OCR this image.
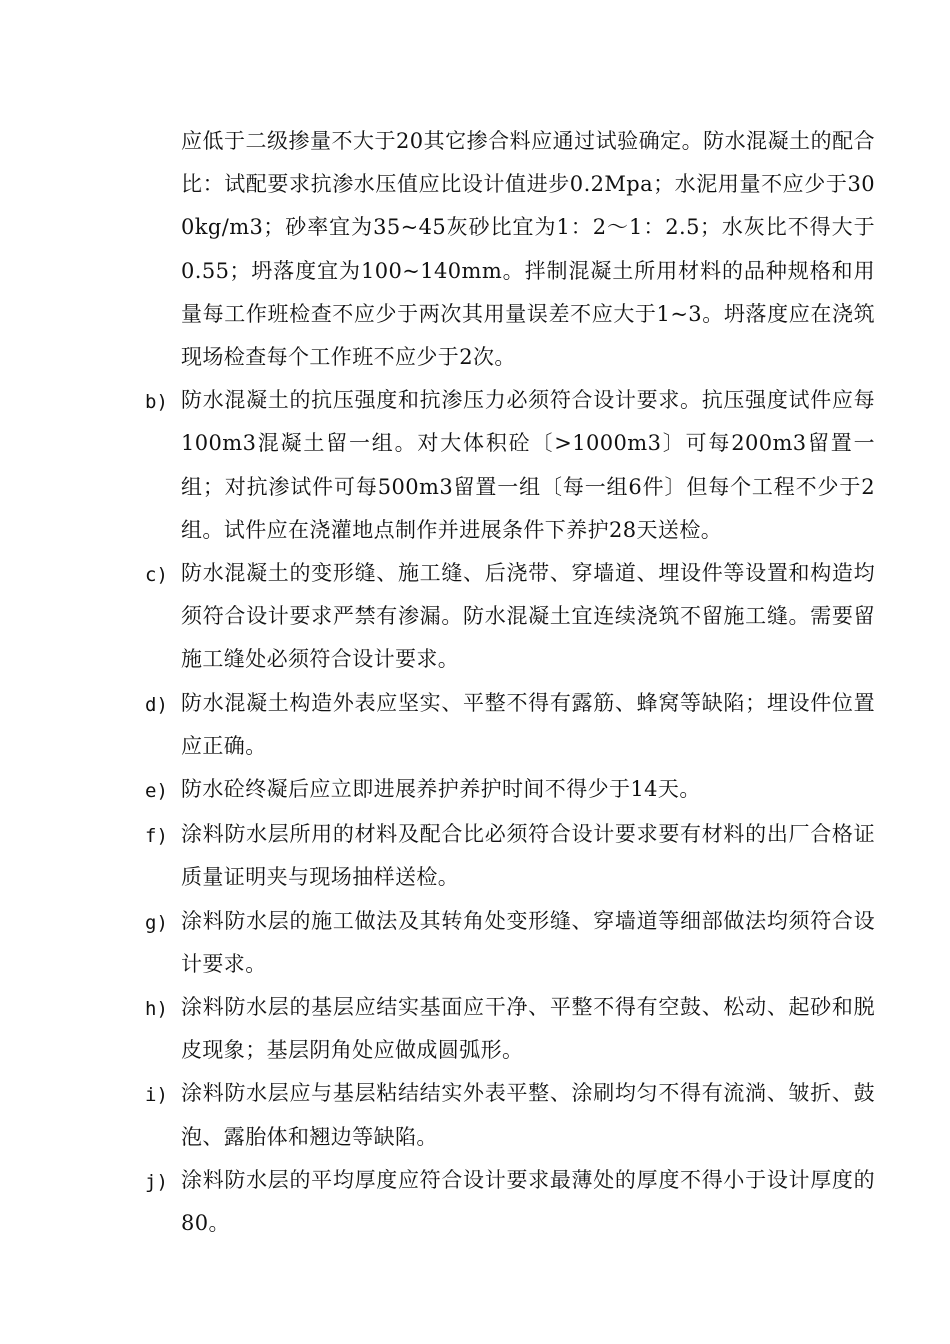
应低于二级掺量不大于20其它掺合料应通过试验确定。防水混凝土的配合比：试配要求抗渗水压值应比设计值进步0.2Mpa；水泥用量不应少于300kg/m3；砂率宜为35~45灰砂比宜为1：2～1：2.5；水灰比不得大于0.55；坍落度宜为100~140mm。拌制混凝土所用材料的品种规格和用量每工作班检查不应少于两次其用量误差不应大于1~3。坍落度应在浇筑现场检查每个工作班不应少于2次。
b) 防水混凝土的抗压强度和抗渗压力必须符合设计要求。抗压强度试件应每100m3混凝土留一组。对大体积砼〔>1000m3〕可每200m3留置一组；对抗渗试件可每500m3留置一组〔每一组6件〕但每个工程不少于2组。试件应在浇灌地点制作并进展条件下养护28天送检。
c) 防水混凝土的变形缝、施工缝、后浇带、穿墙道、埋设件等设置和构造均须符合设计要求严禁有渗漏。防水混凝土宜连续浇筑不留施工缝。需要留施工缝处必须符合设计要求。
d) 防水混凝土构造外表应坚实、平整不得有露筋、蜂窝等缺陷；埋设件位置应正确。
e) 防水砼终凝后应立即进展养护养护时间不得少于14天。
f) 涂料防水层所用的材料及配合比必须符合设计要求要有材料的出厂合格证质量证明夹与现场抽样送检。
g) 涂料防水层的施工做法及其转角处变形缝、穿墙道等细部做法均须符合设计要求。
h) 涂料防水层的基层应结实基面应干净、平整不得有空鼓、松动、起砂和脱皮现象；基层阴角处应做成圆弧形。
i) 涂料防水层应与基层粘结结实外表平整、涂刷均匀不得有流淌、皱折、鼓泡、露胎体和翘边等缺陷。
j) 涂料防水层的平均厚度应符合设计要求最薄处的厚度不得小于设计厚度的80。
